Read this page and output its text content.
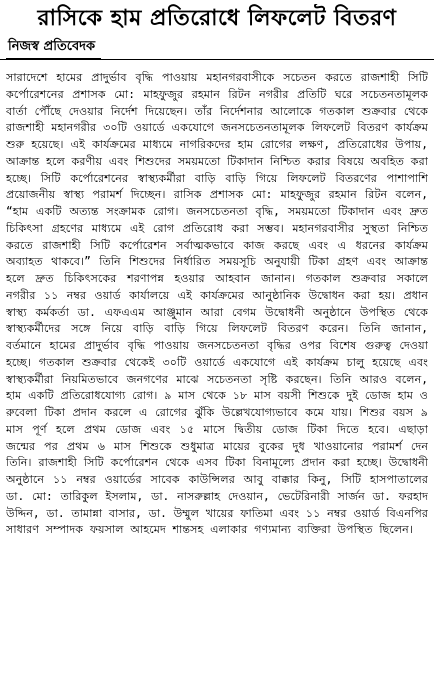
রাসিকে হাম প্রতিরোধে লিফলেট বিতরণ
নিজস্ব প্রতিবেদক
সারাদেশে হামের প্রাদুর্ভাব বৃদ্ধি পাওয়ায় মহানগরবাসীকে সচেতন করতে রাজশাহী সিটি কর্পোরেশনের প্রশাসক মো: মাহফুজুর রহমান রিটন নগরীর প্রতিটি ঘরে সচেতনতামূলক বার্তা পৌঁছে দেওয়ার নির্দেশ দিয়েছেন। তাঁর নির্দেশনার আলোকে গতকাল শুক্রবার থেকে রাজশাহী মহানগরীর ৩০টি ওয়ার্ডে একযোগে জনসচেতনতামূলক লিফলেট বিতরণ কার্যক্রম শুরু হয়েছে। এই কার্যক্রমের মাধ্যমে নাগরিকদের হাম রোগের লক্ষণ, প্রতিরোধের উপায়, আক্রান্ত হলে করণীয় এবং শিশুদের সময়মতো টিকাদান নিশ্চিত করার বিষয়ে অবহিত করা হচ্ছে। সিটি কর্পোরেশনের স্বাস্থ্যকর্মীরা বাড়ি বাড়ি গিয়ে লিফলেট বিতরণের পাশাপাশি প্রয়োজনীয় স্বাস্থ্য পরামর্শ দিচ্ছেন। রাসিক প্রশাসক মো: মাহফুজুর রহমান রিটন বলেন, “হাম একটি অত্যন্ত সংক্রামক রোগ। জনসচেতনতা বৃদ্ধি, সময়মতো টিকাদান এবং দ্রুত চিকিৎসা গ্রহণের মাধ্যমে এই রোগ প্রতিরোধ করা সম্ভব। মহানগরবাসীর সুস্থতা নিশ্চিত করতে রাজশাহী সিটি কর্পোরেশন সর্বাত্মকভাবে কাজ করছে এবং এ ধরনের কার্যক্রম অব্যাহত থাকবে।” তিনি শিশুদের নির্ধারিত সময়সূচি অনুযায়ী টিকা গ্রহণ এবং আক্রান্ত হলে দ্রুত চিকিৎসকের শরণাপন্ন হওয়ার আহবান জানান। গতকাল শুক্রবার সকালে নগরীর ১১ নম্বর ওয়ার্ড কার্যালয়ে এই কার্যক্রমের আনুষ্ঠানিক উদ্বোধন করা হয়। প্রধান স্বাস্থ্য কর্মকর্তা ডা. এফএএম আঞ্জুমান আরা বেগম উদ্বোধনী অনুষ্ঠানে উপস্থিত থেকে স্বাস্থ্যকর্মীদের সঙ্গে নিয়ে বাড়ি বাড়ি গিয়ে লিফলেট বিতরণ করেন। তিনি জানান, বর্তমানে হামের প্রাদুর্ভাব বৃদ্ধি পাওয়ায় জনসচেতনতা বৃদ্ধির ওপর বিশেষ গুরুত্ব দেওয়া হচ্ছে। গতকাল শুক্রবার থেকেই ৩০টি ওয়ার্ডে একযোগে এই কার্যক্রম চালু হয়েছে এবং স্বাস্থ্যকর্মীরা নিয়মিতভাবে জনগণের মাঝে সচেতনতা সৃষ্টি করছেন। তিনি আরও বলেন, হাম একটি প্রতিরোধযোগ্য রোগ। ৯ মাস থেকে ১৮ মাস বয়সী শিশুকে দুই ডোজ হাম ও রুবেলা টিকা প্রদান করলে এ রোগের ঝুঁকি উল্লেখযোগ্যভাবে কমে যায়। শিশুর বয়স ৯ মাস পূর্ণ হলে প্রথম ডোজ এবং ১৫ মাসে দ্বিতীয় ডোজ টিকা দিতে হবে। এছাড়া জন্মের পর প্রথম ৬ মাস শিশুকে শুধুমাত্র মায়ের বুকের দুধ খাওয়ানোর পরামর্শ দেন তিনি। রাজশাহী সিটি কর্পোরেশন থেকে এসব টিকা বিনামূল্যে প্রদান করা হচ্ছে। উদ্বোধনী অনুষ্ঠানে ১১ নম্বর ওয়ার্ডের সাবেক কাউন্সিলর আবু বাক্কার কিনু, সিটি হাসপাতালের ডা. মো: তারিকুল ইসলাম, ডা. নাসরুল্লাহ দেওয়ান, ভেটেরিনারী সার্জন ডা. ফরহাদ উদ্দিন, ডা. তামান্না বাসার, ডা. উম্মুল খায়ের ফাতিমা এবং ১১ নম্বর ওয়ার্ড বিএনপির সাধারণ সম্পাদক ফয়সাল আহমেদ শান্তসহ এলাকার গণ্যমান্য ব্যক্তিরা উপস্থিত ছিলেন।
